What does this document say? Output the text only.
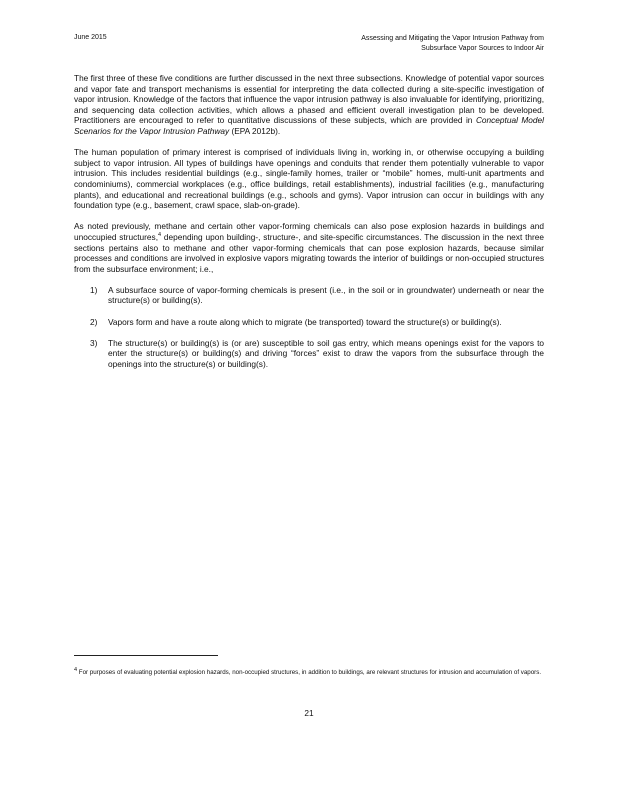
June 2015	Assessing and Mitigating the Vapor Intrusion Pathway from
Subsurface Vapor Sources to Indoor Air

The first three of these five conditions are further discussed in the next three subsections. Knowledge of potential vapor sources and vapor fate and transport mechanisms is essential for interpreting the data collected during a site-specific investigation of vapor intrusion. Knowledge of the factors that influence the vapor intrusion pathway is also invaluable for identifying, prioritizing, and sequencing data collection activities, which allows a phased and efficient overall investigation plan to be developed. Practitioners are encouraged to refer to quantitative discussions of these subjects, which are provided in Conceptual Model Scenarios for the Vapor Intrusion Pathway (EPA 2012b).

The human population of primary interest is comprised of individuals living in, working in, or otherwise occupying a building subject to vapor intrusion. All types of buildings have openings and conduits that render them potentially vulnerable to vapor intrusion. This includes residential buildings (e.g., single-family homes, trailer or “mobile” homes, multi-unit apartments and condominiums), commercial workplaces (e.g., office buildings, retail establishments), industrial facilities (e.g., manufacturing plants), and educational and recreational buildings (e.g., schools and gyms). Vapor intrusion can occur in buildings with any foundation type (e.g., basement, crawl space, slab-on-grade).

As noted previously, methane and certain other vapor-forming chemicals can also pose explosion hazards in buildings and unoccupied structures,$^4$ depending upon building-, structure-, and site-specific circumstances. The discussion in the next three sections pertains also to methane and other vapor-forming chemicals that can pose explosion hazards, because similar processes and conditions are involved in explosive vapors migrating towards the interior of buildings or non-occupied structures from the subsurface environment; i.e.,

1) A subsurface source of vapor-forming chemicals is present (i.e., in the soil or in groundwater) underneath or near the structure(s) or building(s).
2) Vapors form and have a route along which to migrate (be transported) toward the structure(s) or building(s).
3) The structure(s) or building(s) is (or are) susceptible to soil gas entry, which means openings exist for the vapors to enter the structure(s) or building(s) and driving “forces” exist to draw the vapors from the subsurface through the openings into the structure(s) or building(s).
$^4$ For purposes of evaluating potential explosion hazards, non-occupied structures, in addition to buildings, are relevant structures for intrusion and accumulation of vapors.
21
